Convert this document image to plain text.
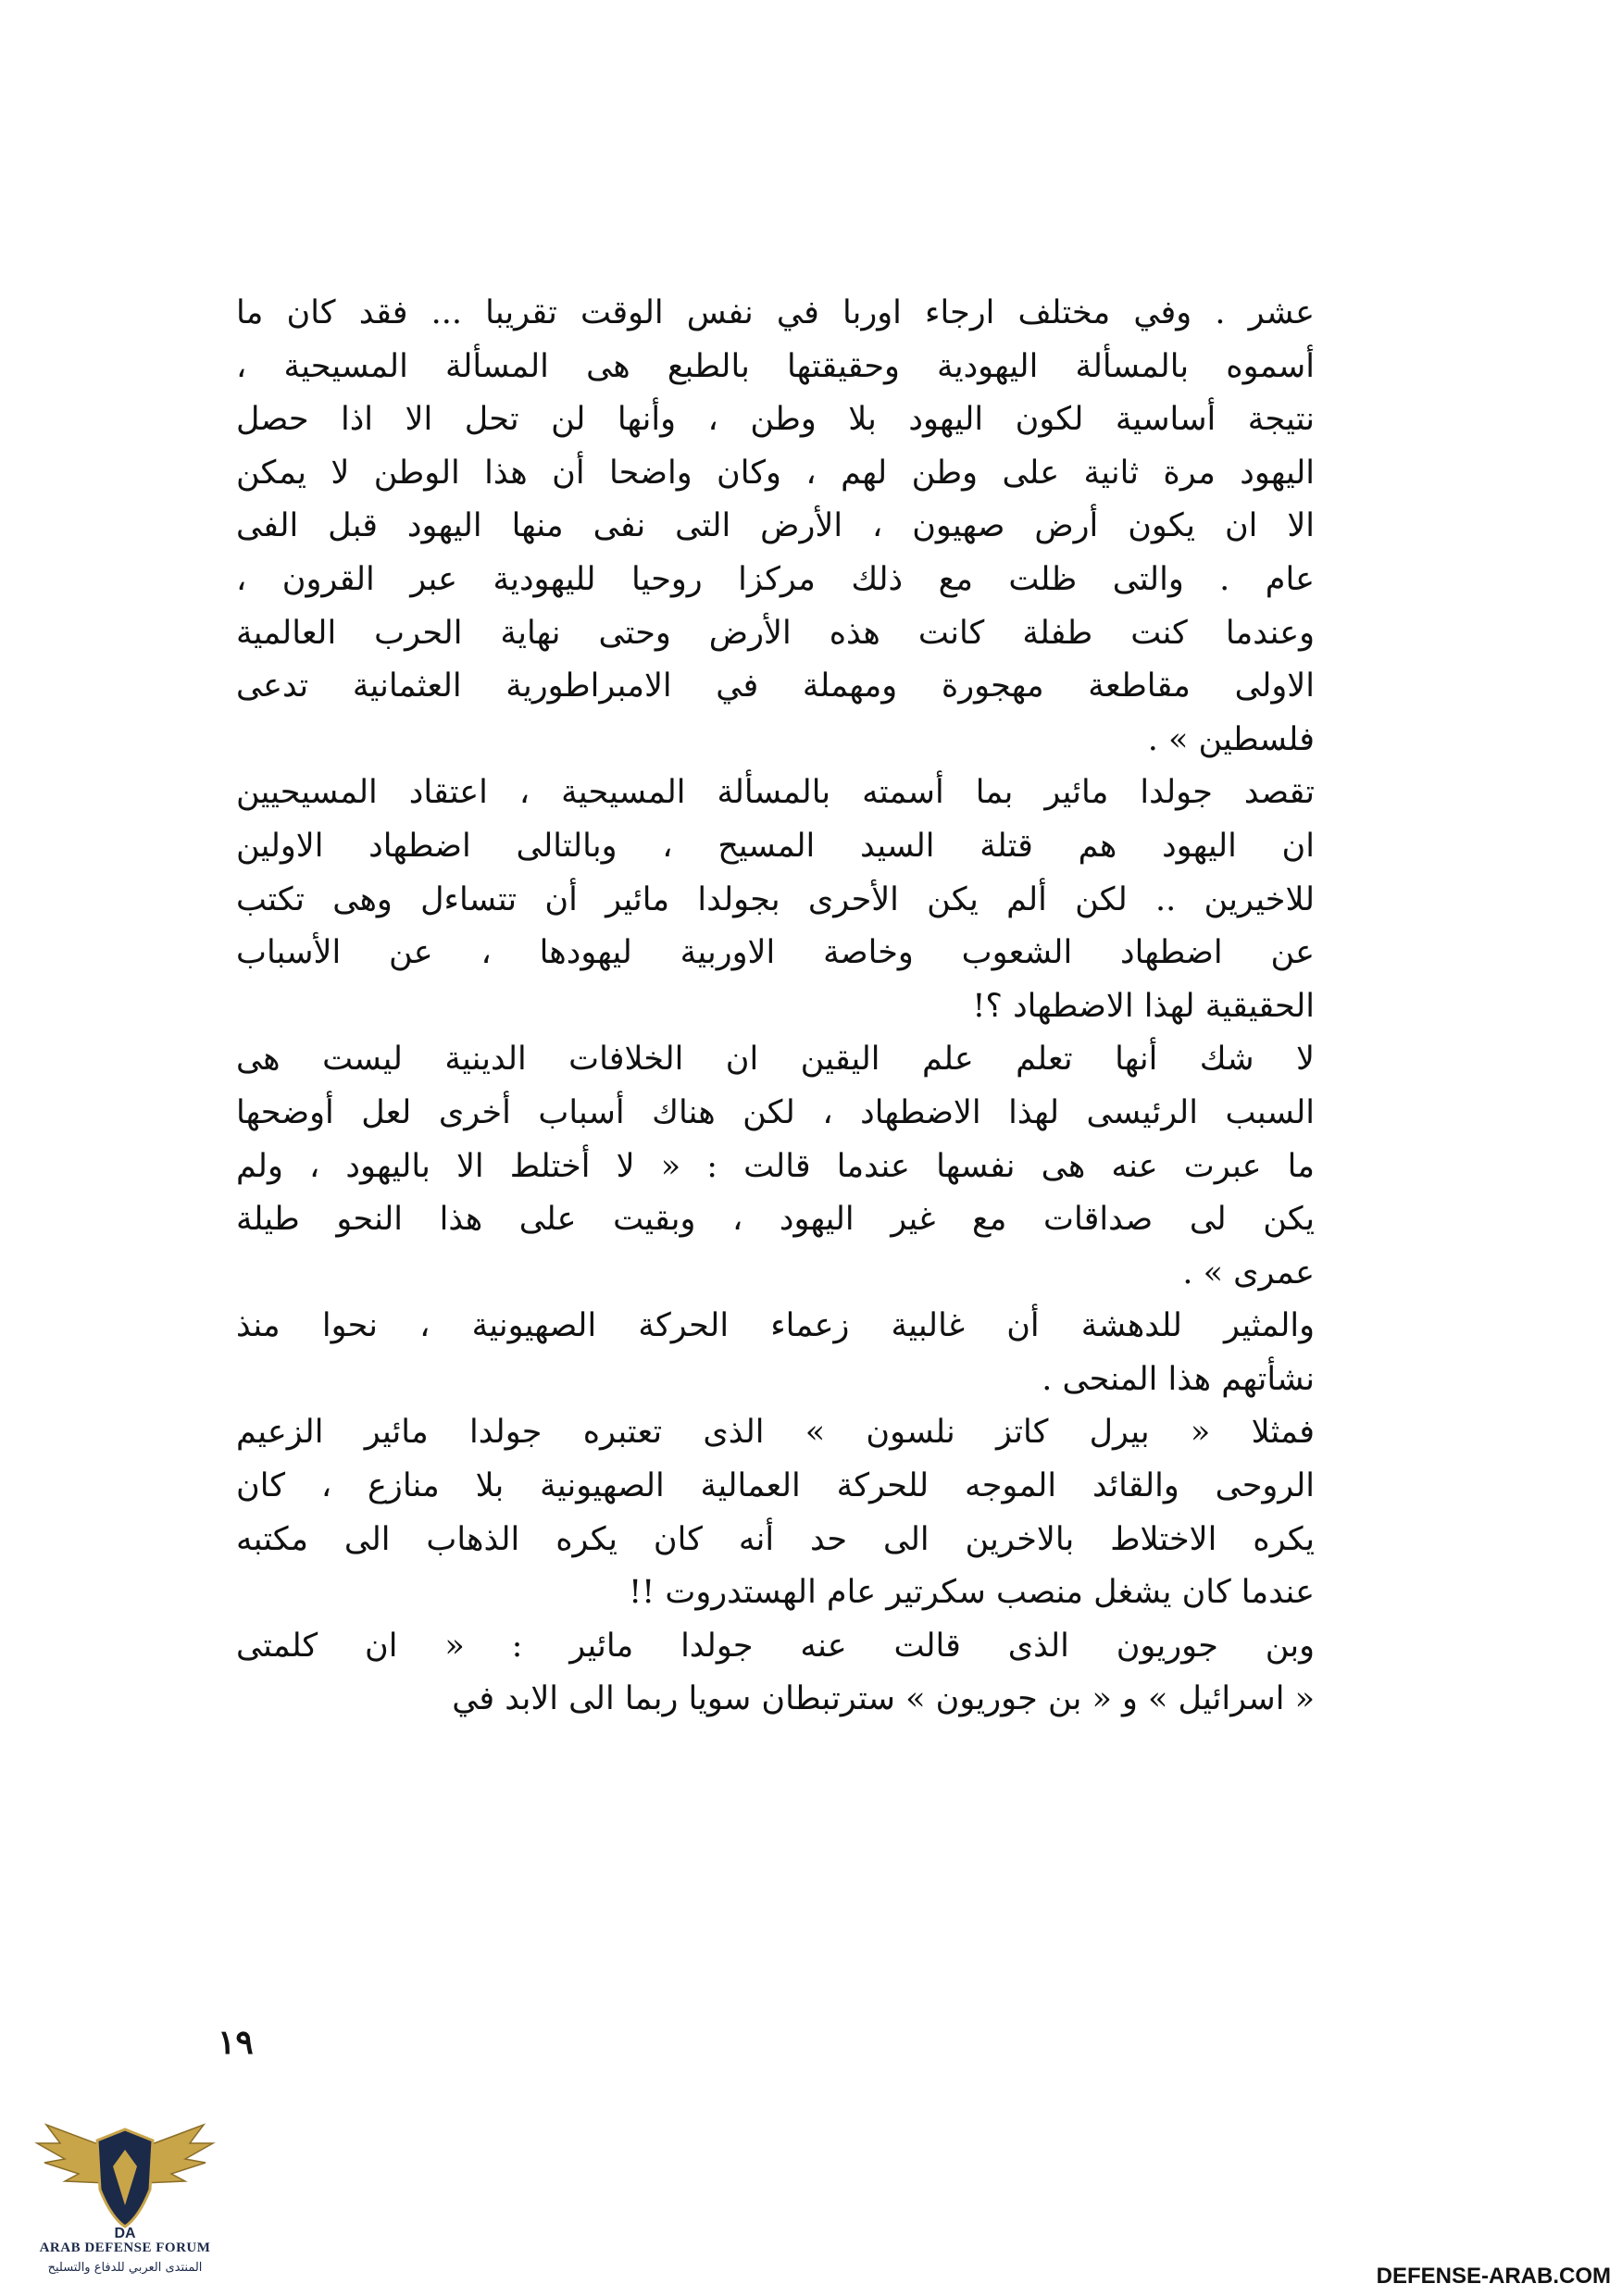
عشر . وفي مختلف ارجاء اوربا في نفس الوقت تقريبا ... فقد كان ما
أسموه بالمسألة اليهودية وحقيقتها بالطبع هى المسألة المسيحية ،
نتيجة أساسية لكون اليهود بلا وطن ، وأنها لن تحل الا اذا حصل
اليهود مرة ثانية على وطن لهم ، وكان واضحا أن هذا الوطن لا يمكن
الا ان يكون أرض صهيون ، الأرض التى نفى منها اليهود قبل الفى
عام . والتى ظلت مع ذلك مركزا روحيا لليهودية عبر القرون ،
وعندما كنت طفلة كانت هذه الأرض وحتى نهاية الحرب العالمية
الاولى مقاطعة مهجورة ومهملة في الامبراطورية العثمانية تدعى
فلسطين » .
تقصد جولدا مائير بما أسمته بالمسألة المسيحية ، اعتقاد المسيحيين
ان اليهود هم قتلة السيد المسيح ، وبالتالى اضطهاد الاولين
للاخيرين .. لكن ألم يكن الأحرى بجولدا مائير أن تتساءل وهى تكتب
عن اضطهاد الشعوب وخاصة الاوربية ليهودها ، عن الأسباب
الحقيقية لهذا الاضطهاد ؟!
لا شك أنها تعلم علم اليقين ان الخلافات الدينية ليست هى
السبب الرئيسى لهذا الاضطهاد ، لكن هناك أسباب أخرى لعل أوضحها
ما عبرت عنه هى نفسها عندما قالت : « لا أختلط الا باليهود ، ولم
يكن لى صداقات مع غير اليهود ، وبقيت على هذا النحو طيلة
عمرى » .
والمثير للدهشة أن غالبية زعماء الحركة الصهيونية ، نحوا منذ
نشأتهم هذا المنحى .
فمثلا « بيرل كاتز نلسون » الذى تعتبره جولدا مائير الزعيم
الروحى والقائد الموجه للحركة العمالية الصهيونية بلا منازع ، كان
يكره الاختلاط بالاخرين الى حد أنه كان يكره الذهاب الى مكتبه
عندما كان يشغل منصب سكرتير عام الهستدروت !!
وبن جوريون الذى قالت عنه جولدا مائير : « ان كلمتى
« اسرائيل » و « بن جوريون » سترتبطان سويا ربما الى الابد في
١٩
DA
ARAB DEFENSE FORUM
المنتدى العربي للدفاع والتسليح	DEFENSE-ARAB.COM
